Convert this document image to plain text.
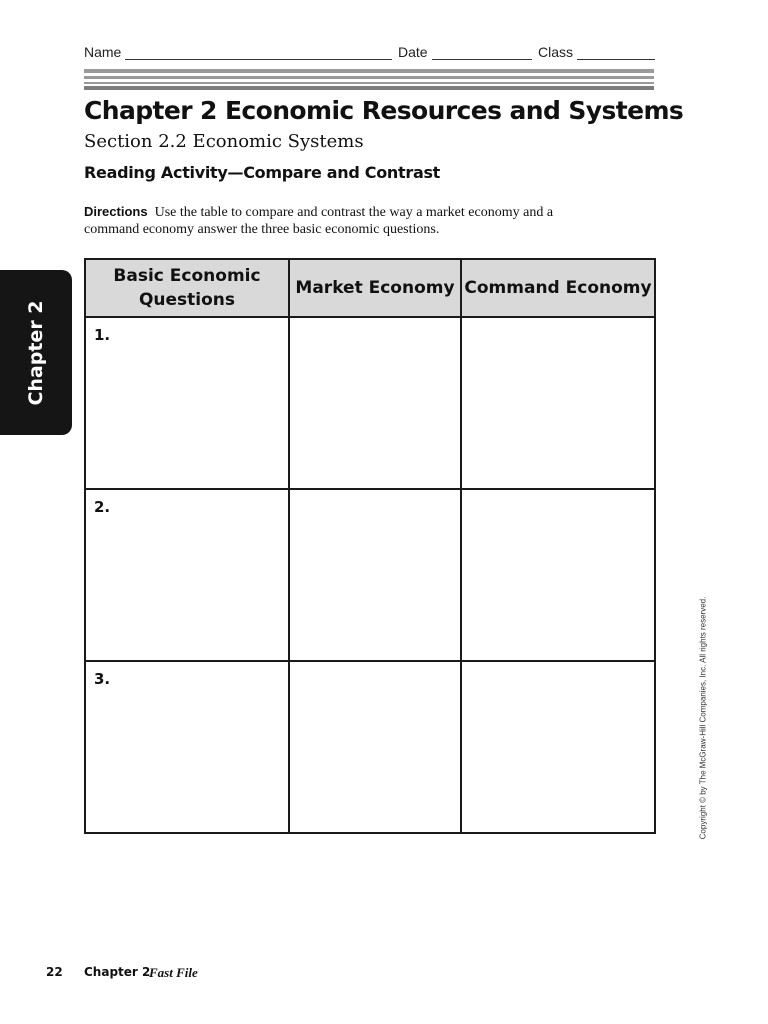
Name	Date	Class
Chapter 2 Economic Resources and Systems
Section 2.2 Economic Systems
Reading Activity—Compare and Contrast
Directions Use the table to compare and contrast the way a market economy and a command economy answer the three basic economic questions.
Chapter 2
Basic Economic Questions	Market Economy	Command Economy

1.		

2.		

3.		
			Copyright © by The McGraw-Hill Companies, Inc. All rights reserved.
22 Chapter 2
Fast File
